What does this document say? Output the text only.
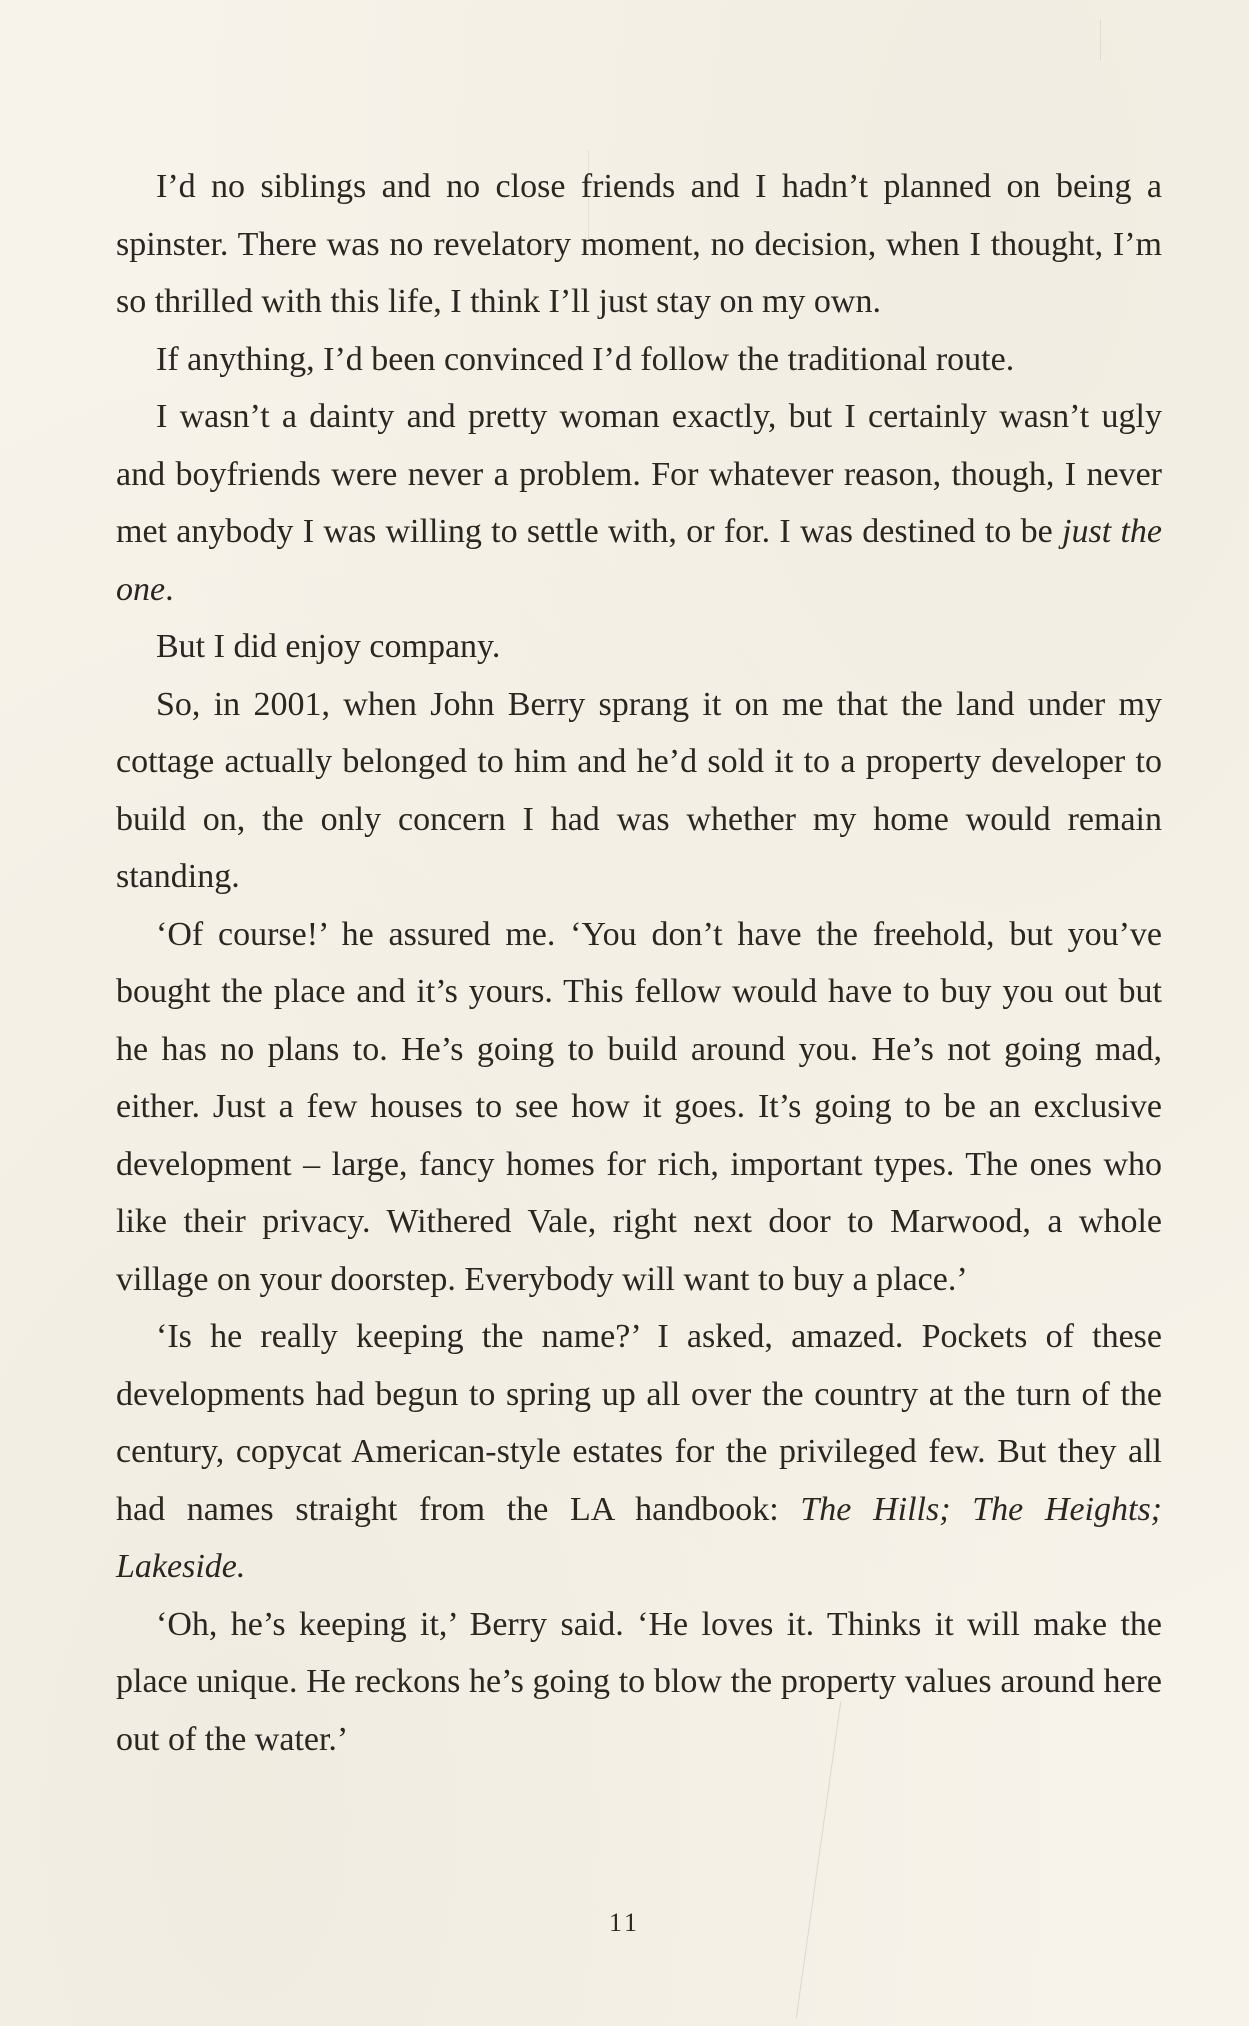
I’d no siblings and no close friends and I hadn’t planned on being a spinster. There was no revelatory moment, no decision, when I thought, I’m so thrilled with this life, I think I’ll just stay on my own.

If anything, I’d been convinced I’d follow the traditional route.

I wasn’t a dainty and pretty woman exactly, but I certainly wasn’t ugly and boyfriends were never a problem. For whatever reason, though, I never met anybody I was willing to settle with, or for. I was destined to be just the one.

But I did enjoy company.

So, in 2001, when John Berry sprang it on me that the land under my cottage actually belonged to him and he’d sold it to a property developer to build on, the only concern I had was whether my home would remain standing.

‘Of course!’ he assured me. ‘You don’t have the freehold, but you’ve bought the place and it’s yours. This fellow would have to buy you out but he has no plans to. He’s going to build around you. He’s not going mad, either. Just a few houses to see how it goes. It’s going to be an exclusive development – large, fancy homes for rich, important types. The ones who like their privacy. Withered Vale, right next door to Marwood, a whole village on your doorstep. Everybody will want to buy a place.’

‘Is he really keeping the name?’ I asked, amazed. Pockets of these developments had begun to spring up all over the country at the turn of the century, copycat American-style estates for the privileged few. But they all had names straight from the LA handbook: The Hills; The Heights; Lakeside.

‘Oh, he’s keeping it,’ Berry said. ‘He loves it. Thinks it will make the place unique. He reckons he’s going to blow the property values around here out of the water.’

11
